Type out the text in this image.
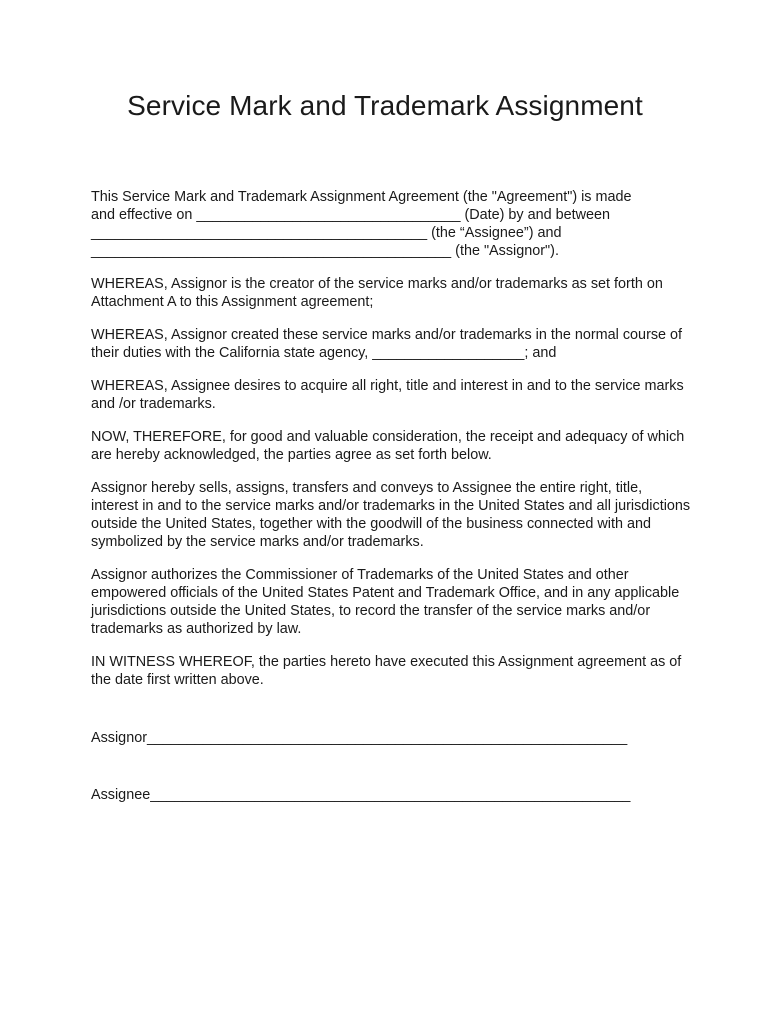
Service Mark and Trademark Assignment

This Service Mark and Trademark Assignment Agreement (the "Agreement") is made
and effective on _________________________________ (Date) by and between
__________________________________________ (the “Assignee”) and
_____________________________________________ (the "Assignor").

WHEREAS, Assignor is the creator of the service marks and/or trademarks as set forth on Attachment A to this Assignment agreement;

WHEREAS, Assignor created these service marks and/or trademarks in the normal course of their duties with the California state agency, ___________________; and

WHEREAS, Assignee desires to acquire all right, title and interest in and to the service marks and /or trademarks.

NOW, THEREFORE, for good and valuable consideration, the receipt and adequacy of which are hereby acknowledged, the parties agree as set forth below.

Assignor hereby sells, assigns, transfers and conveys to Assignee the entire right, title, interest in and to the service marks and/or trademarks in the United States and all jurisdictions outside the United States, together with the goodwill of the business connected with and symbolized by the service marks and/or trademarks.

Assignor authorizes the Commissioner of Trademarks of the United States and other empowered officials of the United States Patent and Trademark Office, and in any applicable jurisdictions outside the United States, to record the transfer of the service marks and/or trademarks as authorized by law.

IN WITNESS WHEREOF, the parties hereto have executed this Assignment agreement as of the date first written above.

Assignor____________________________________________________________
Assignee____________________________________________________________
